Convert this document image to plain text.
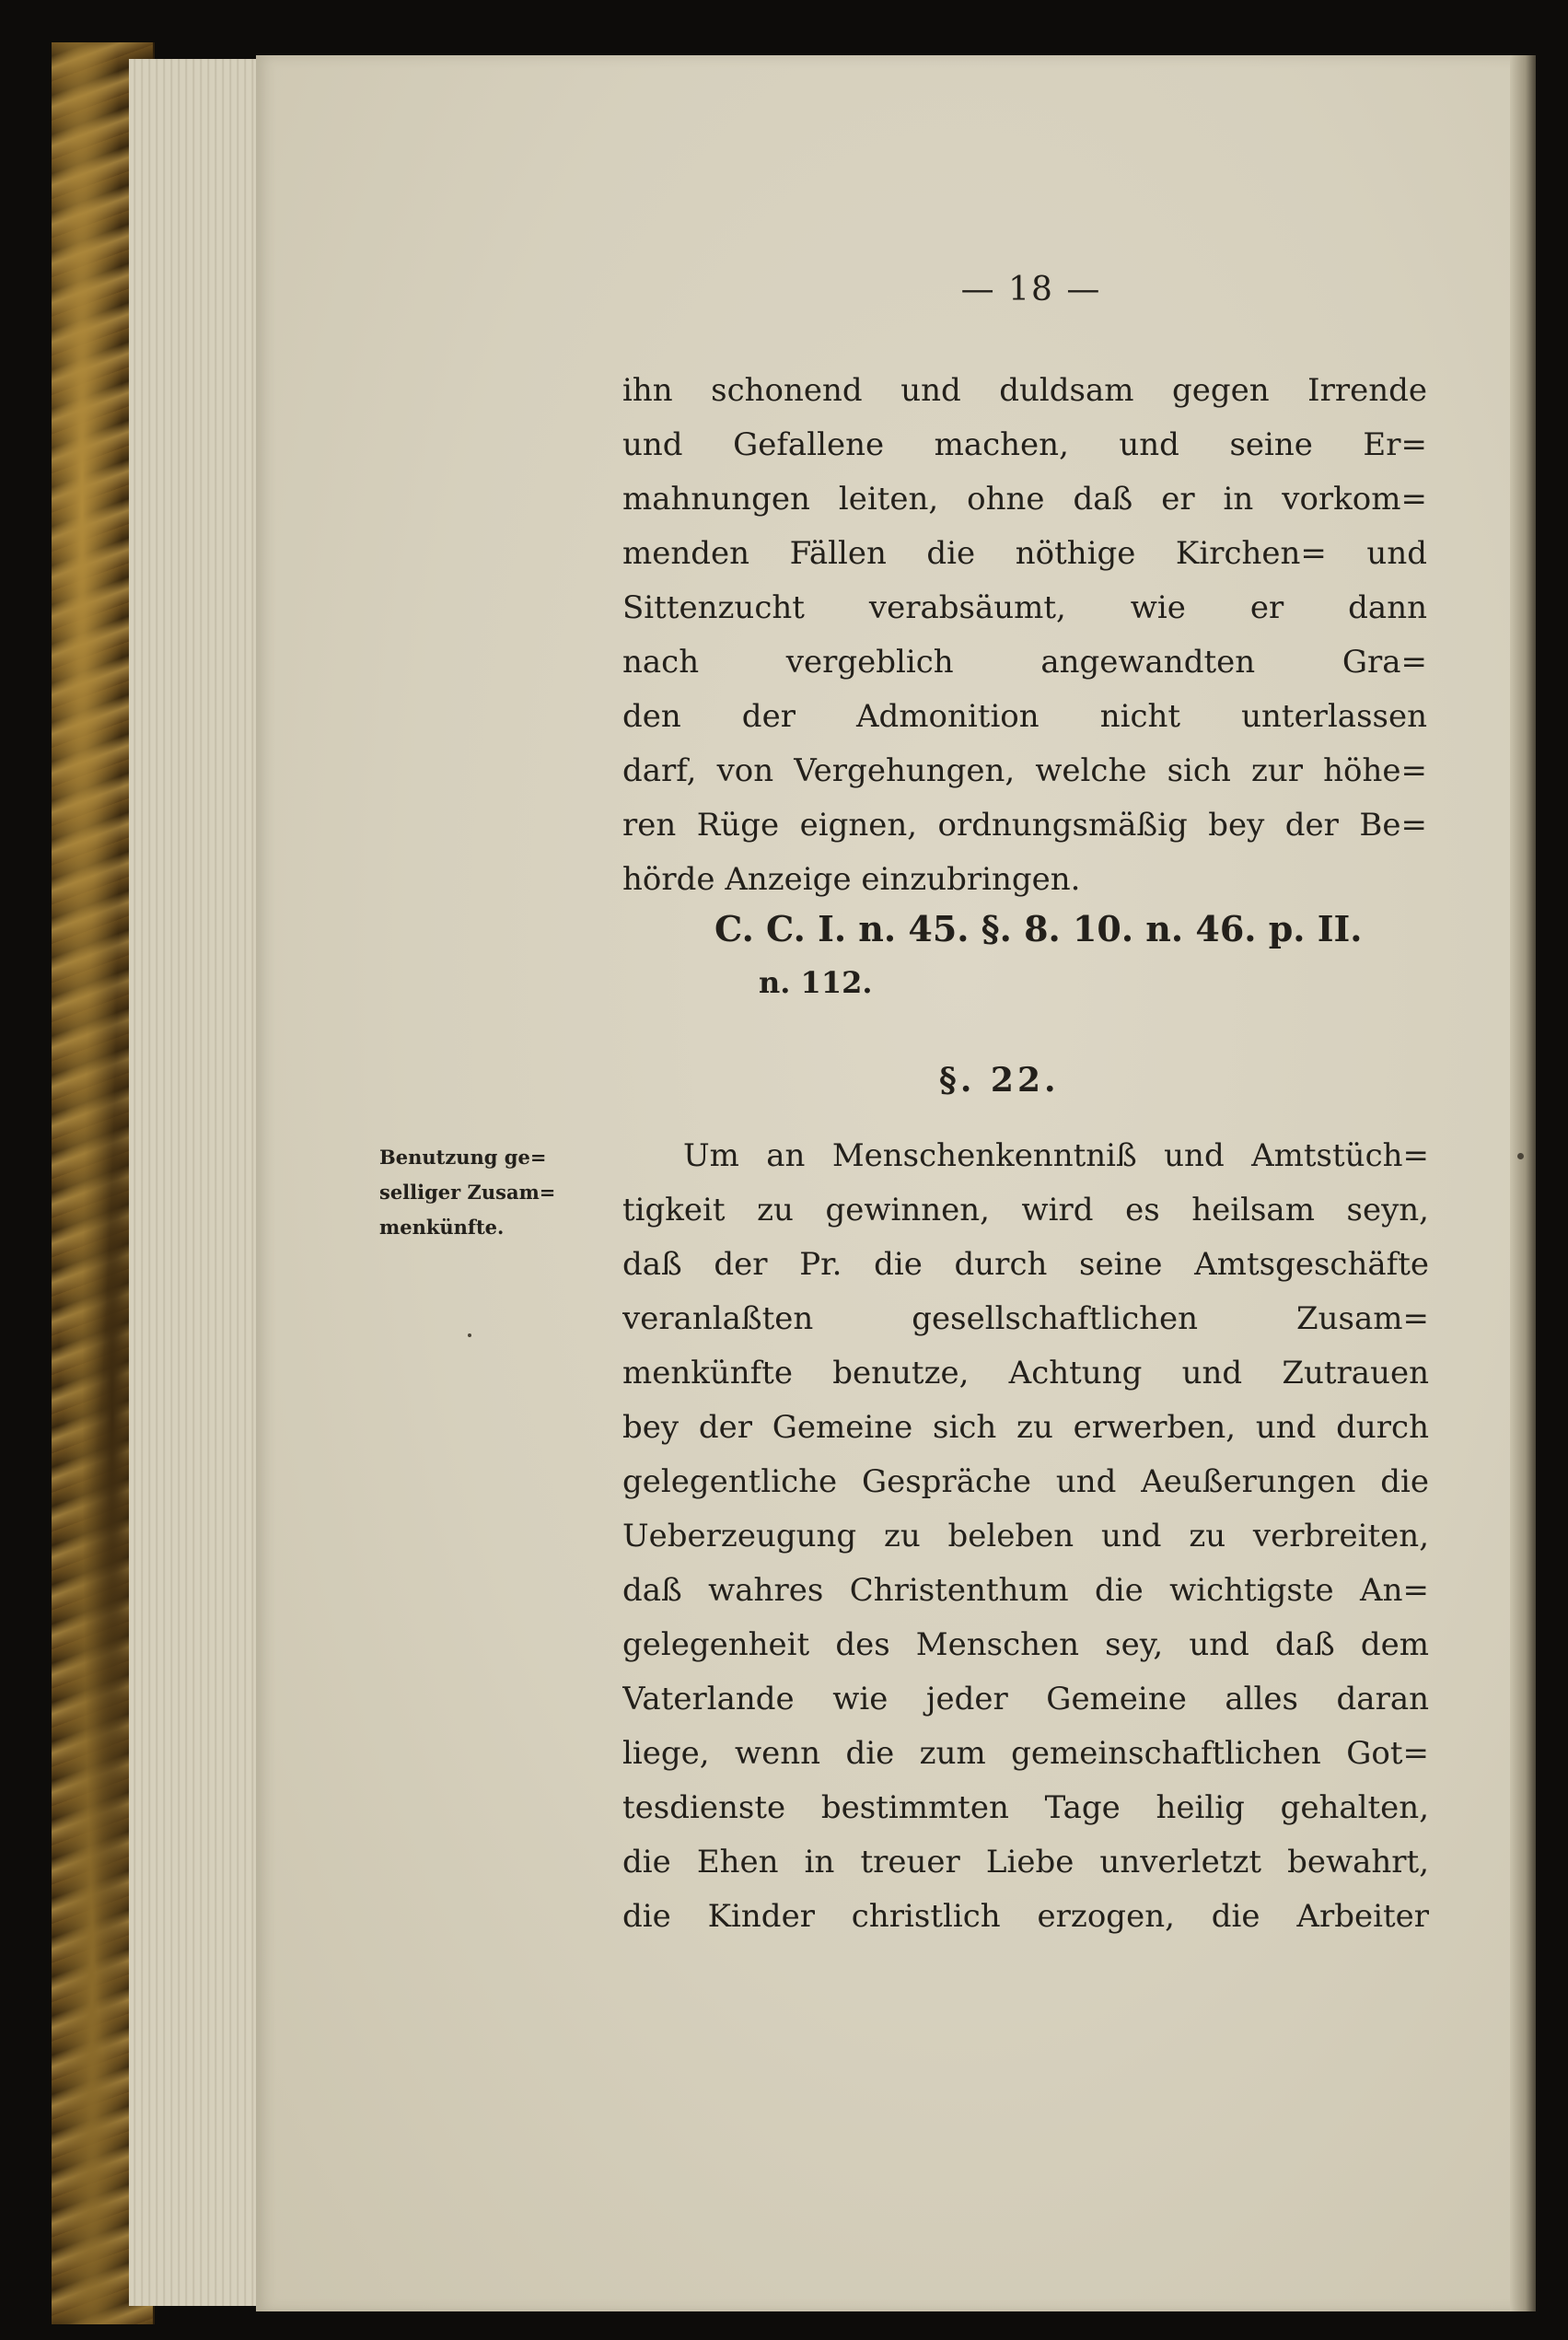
— 18 —
ihn schonend und duldsam gegen Irrende
und Gefallene machen, und seine Er=
mahnungen leiten, ohne daß er in vorkom=
menden Fällen die nöthige Kirchen= und
Sittenzucht verabsäumt, wie er dann
nach vergeblich angewandten Gra=
den der Admonition nicht unterlassen
darf, von Vergehungen, welche sich zur höhe=
ren Rüge eignen, ordnungsmäßig bey der Be=
hörde Anzeige einzubringen.
C. C. I. n. 45. §. 8. 10. n. 46. p. II.
n. 112.
§. 22.
Benutzung ge=
selliger Zusam=
menkünfte.
Um an Menschenkenntniß und Amtstüch=
tigkeit zu gewinnen, wird es heilsam seyn,
daß der Pr. die durch seine Amtsgeschäfte
veranlaßten gesellschaftlichen Zusam=
menkünfte benutze, Achtung und Zutrauen
bey der Gemeine sich zu erwerben, und durch
gelegentliche Gespräche und Aeußerungen die
Ueberzeugung zu beleben und zu verbreiten,
daß wahres Christenthum die wichtigste An=
gelegenheit des Menschen sey, und daß dem
Vaterlande wie jeder Gemeine alles daran
liege, wenn die zum gemeinschaftlichen Got=
tesdienste bestimmten Tage heilig gehalten,
die Ehen in treuer Liebe unverletzt bewahrt,
die Kinder christlich erzogen, die Arbeiter
